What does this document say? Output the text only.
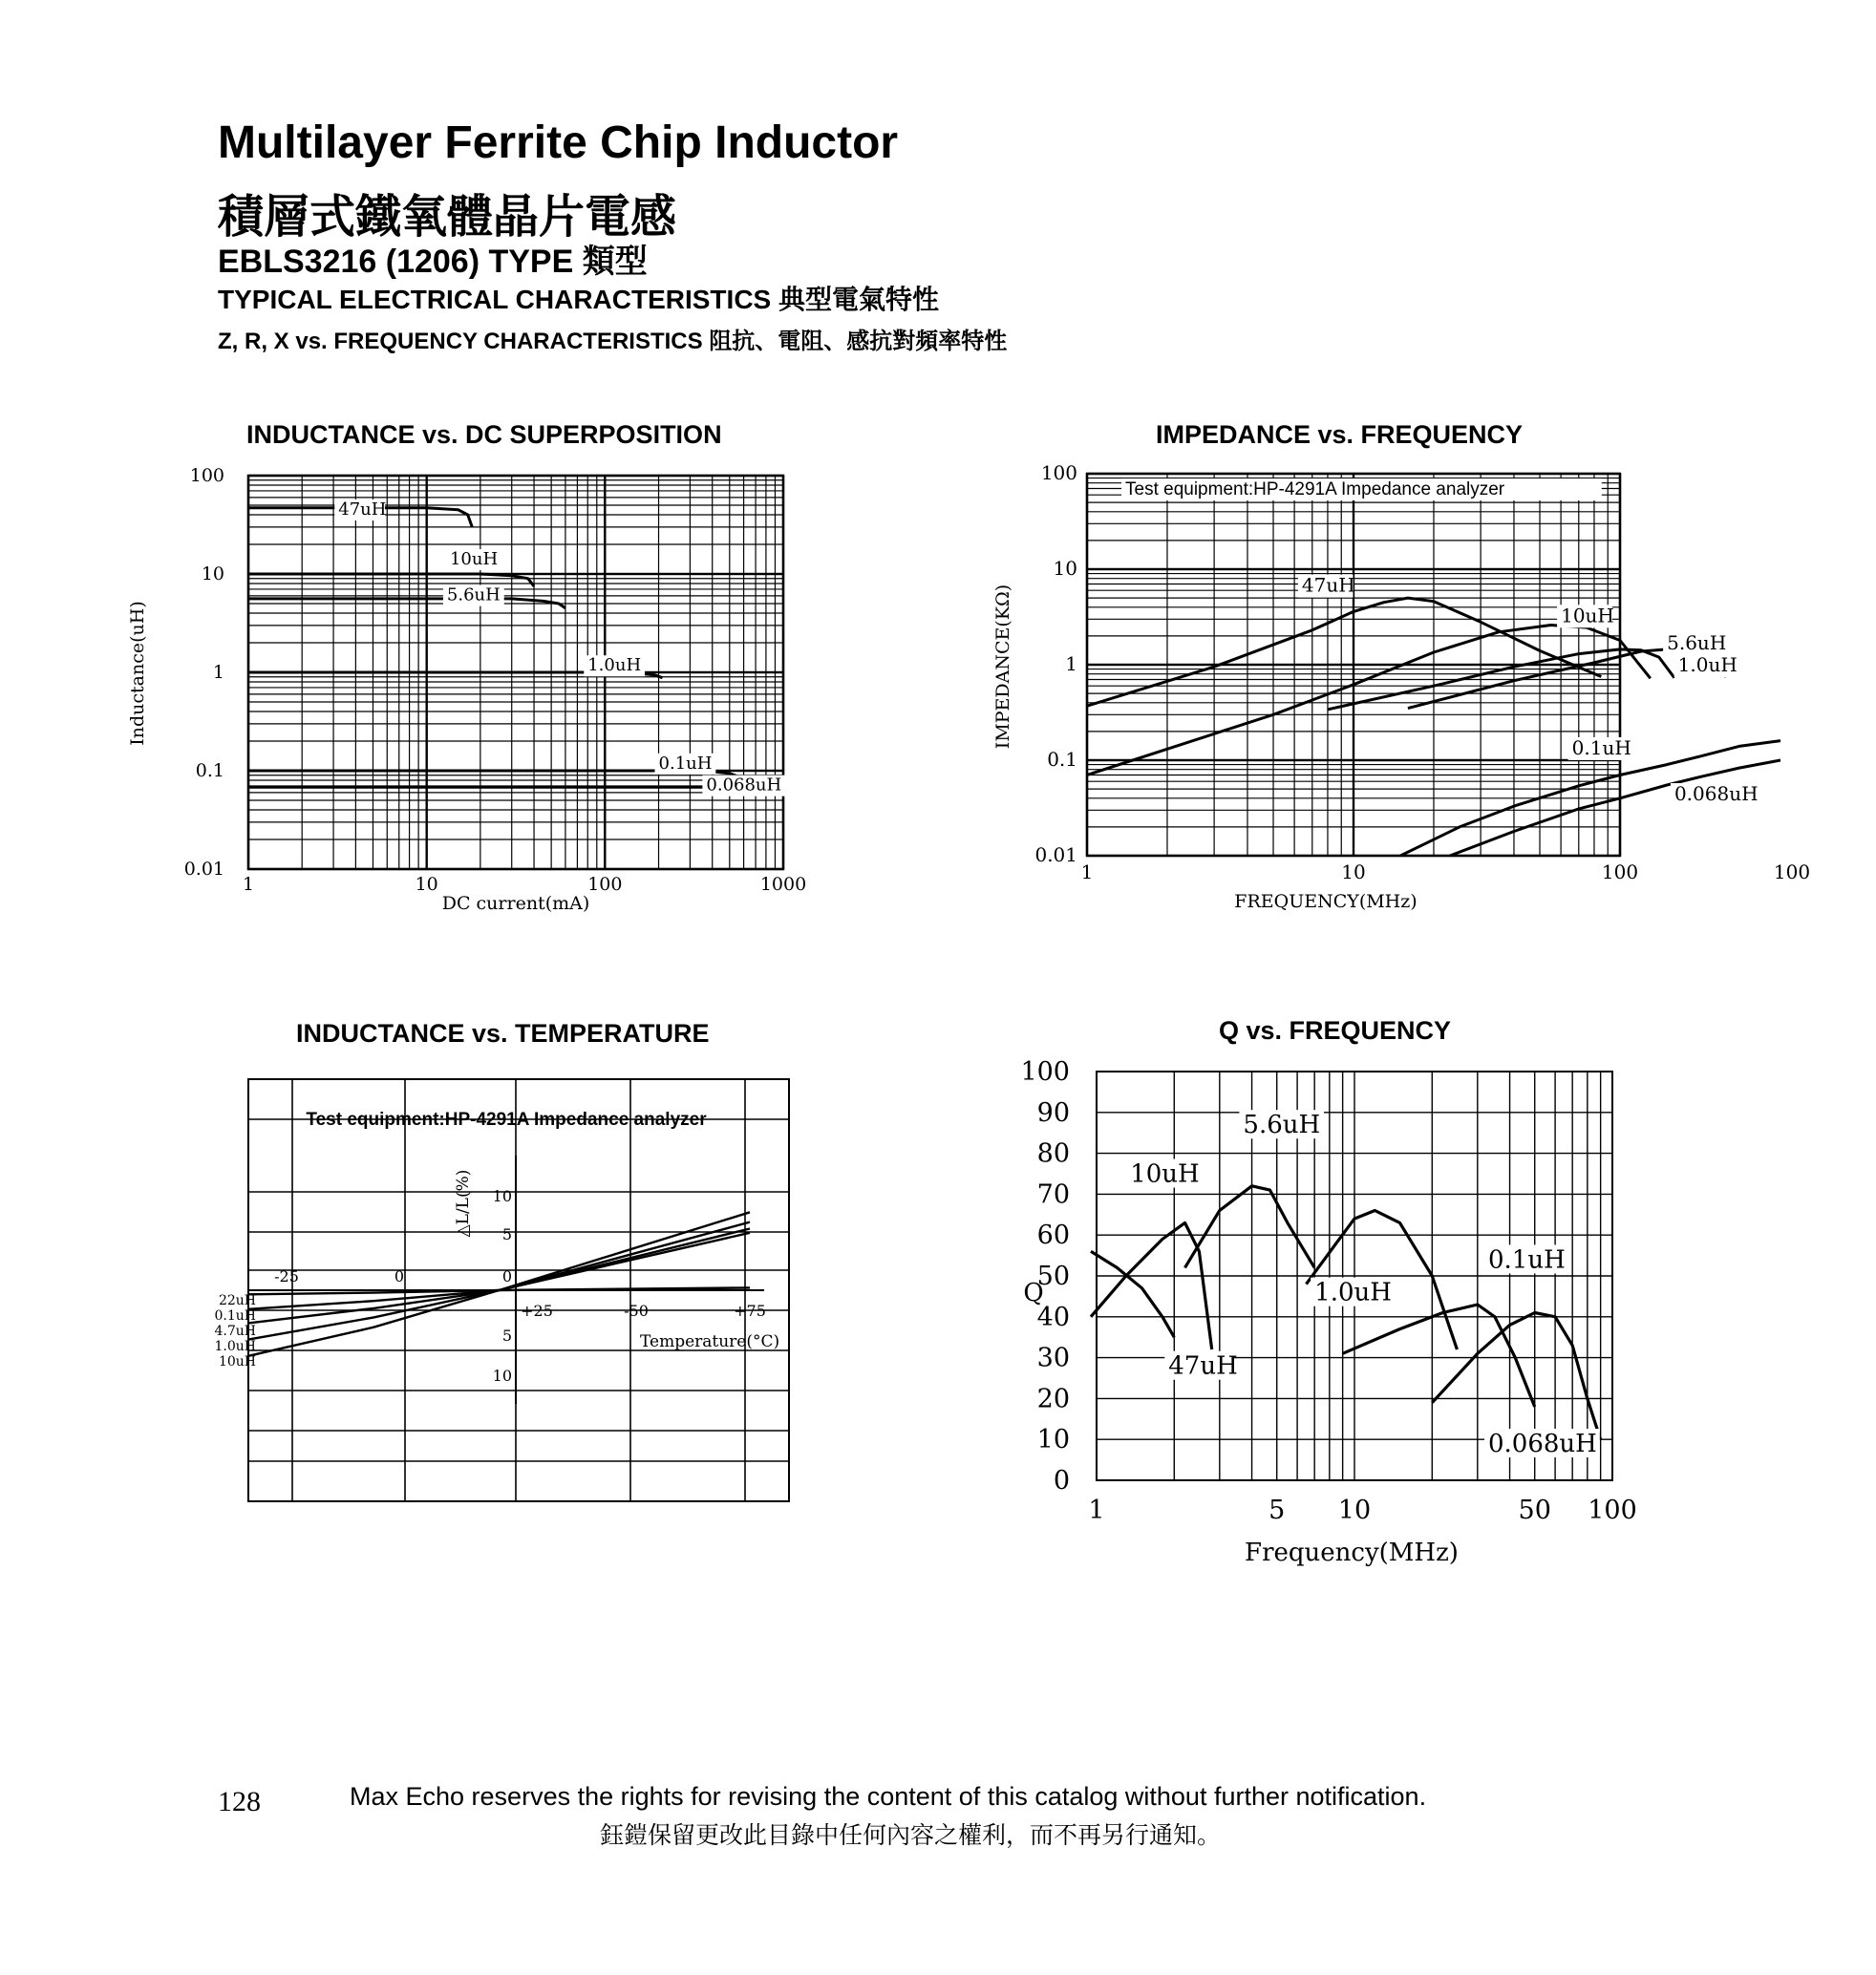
Multilayer Ferrite Chip Inductor
積層式鐵氧體晶片電感
EBLS3216 (1206) TYPE 類型
TYPICAL ELECTRICAL CHARACTERISTICS 典型電氣特性
Z, R, X vs. FREQUENCY CHARACTERISTICS 阻抗、電阻、感抗對頻率特性
INDUCTANCE vs. DC SUPERPOSITION	IMPEDANCE vs. FREQUENCY
INDUCTANCE vs. TEMPERATURE	Q vs. FREQUENCY
1	10	100	1000
100
10
1
0.1
0.01
DC current(mA)
Inductance(uH)
47uH
10uH
5.6uH
1.0uH
0.1uH
0.068uH
Test equipment:HP-4291A Impedance analyzer
1	10	100	100
100
10
1
0.1
0.01
FREQUENCY(MHz)
IMPEDANCE(KΩ)	47uH
10uH
5.6uH
1.0uH
0.1uH
0.068uH
Test equipment:HP-4291A Impedance analyzer
-25	0
+25	-50	+75
10
5
0
5
10
Temperature(°C)
△L/L(%)
22uH
0.1uH
4.7uH
1.0uH
10uH
1	5 10	50 100
100
90
80
70
60
50
40
30
20
10
0
Frequency(MHz)
Q
47uH
10uH
5.6uH
1.0uH
0.1uH
0.068uH
128	Max Echo reserves the rights for revising the content of this catalog without further notification.
鈺鎧保留更改此目錄中任何內容之權利，而不再另行通知。
